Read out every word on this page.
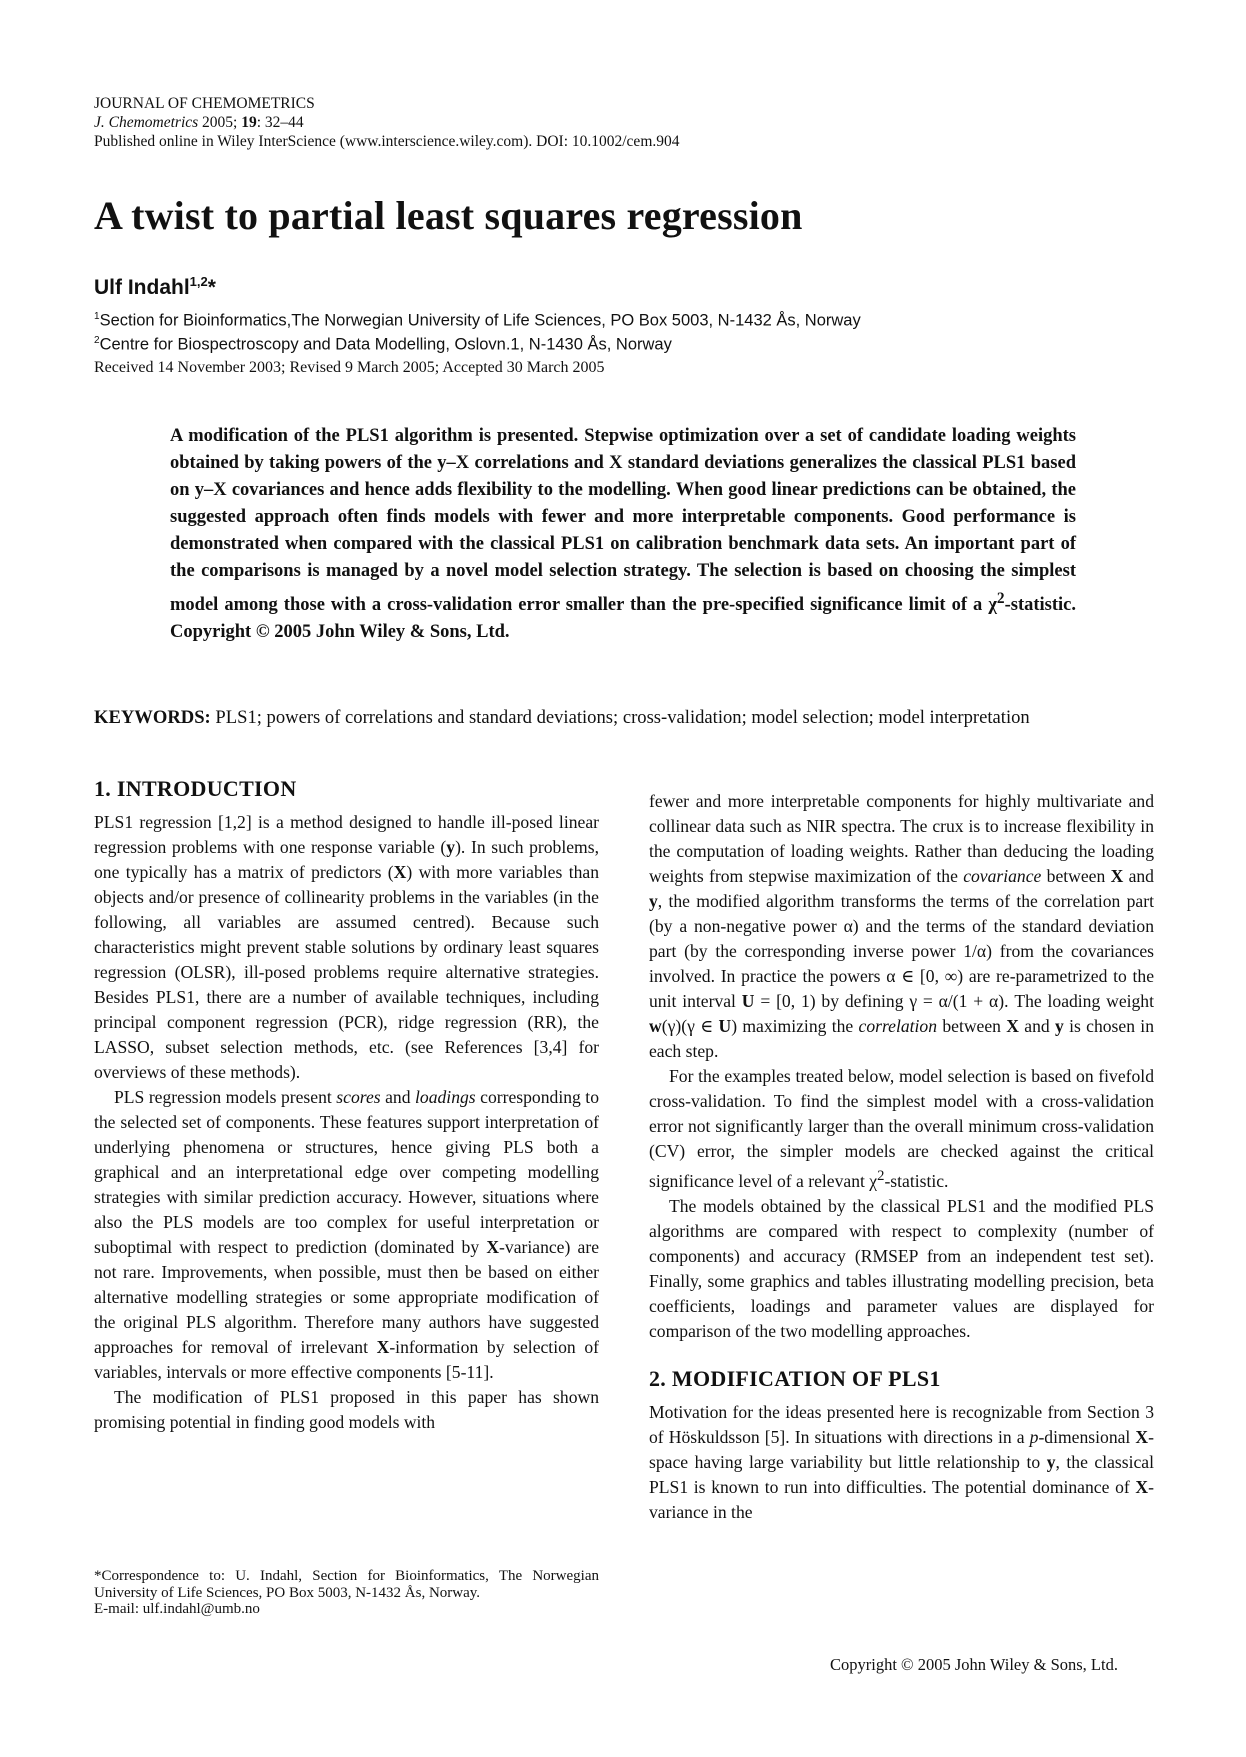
JOURNAL OF CHEMOMETRICS
J. Chemometrics 2005; 19: 32–44
Published online in Wiley InterScience (www.interscience.wiley.com). DOI: 10.1002/cem.904
A twist to partial least squares regression
Ulf Indahl$^{1,2}$*
$^1$Section for Bioinformatics,The Norwegian University of Life Sciences, PO Box 5003, N-1432 Ås, Norway
$^2$Centre for Biospectroscopy and Data Modelling, Oslovn.1, N-1430 Ås, Norway
Received 14 November 2003; Revised 9 March 2005; Accepted 30 March 2005

A modification of the PLS1 algorithm is presented. Stepwise optimization over a set of candidate loading weights obtained by taking powers of the y–X correlations and X standard deviations generalizes the classical PLS1 based on y–X covariances and hence adds flexibility to the modelling. When good linear predictions can be obtained, the suggested approach often finds models with fewer and more interpretable components. Good performance is demonstrated when compared with the classical PLS1 on calibration benchmark data sets. An important part of the comparisons is managed by a novel model selection strategy. The selection is based on choosing the simplest model among those with a cross-validation error smaller than the pre-specified significance limit of a $\chi^2$-statistic. Copyright © 2005 John Wiley & Sons, Ltd.

KEYWORDS: PLS1; powers of correlations and standard deviations; cross-validation; model selection; model interpretation
1. INTRODUCTION

PLS1 regression [1,2] is a method designed to handle ill-posed linear regression problems with one response variable (y). In such problems, one typically has a matrix of predictors (X) with more variables than objects and/or presence of collinearity problems in the variables (in the following, all variables are assumed centred). Because such characteristics might prevent stable solutions by ordinary least squares regression (OLSR), ill-posed problems require alternative strategies. Besides PLS1, there are a number of available techniques, including principal component regression (PCR), ridge regression (RR), the LASSO, subset selection methods, etc. (see References [3,4] for overviews of these methods).

PLS regression models present scores and loadings corresponding to the selected set of components. These features support interpretation of underlying phenomena or structures, hence giving PLS both a graphical and an interpretational edge over competing modelling strategies with similar prediction accuracy. However, situations where also the PLS models are too complex for useful interpretation or suboptimal with respect to prediction (dominated by X-variance) are not rare. Improvements, when possible, must then be based on either alternative modelling strategies or some appropriate modification of the original PLS algorithm. Therefore many authors have suggested approaches for removal of irrelevant X-information by selection of variables, intervals or more effective components [5-11].

The modification of PLS1 proposed in this paper has shown promising potential in finding good models with

*Correspondence to: U. Indahl, Section for Bioinformatics, The Norwegian University of Life Sciences, PO Box 5003, N-1432 Ås, Norway.
E-mail: ulf.indahl@umb.no

fewer and more interpretable components for highly multivariate and collinear data such as NIR spectra. The crux is to increase flexibility in the computation of loading weights. Rather than deducing the loading weights from stepwise maximization of the covariance between X and y, the modified algorithm transforms the terms of the correlation part (by a non-negative power α) and the terms of the standard deviation part (by the corresponding inverse power 1/α) from the covariances involved. In practice the powers α ∈ [0, ∞) are re-parametrized to the unit interval U = [0, 1) by defining γ = α/(1 + α). The loading weight w(γ)(γ ∈ U) maximizing the correlation between X and y is chosen in each step.

For the examples treated below, model selection is based on fivefold cross-validation. To find the simplest model with a cross-validation error not significantly larger than the overall minimum cross-validation (CV) error, the simpler models are checked against the critical significance level of a relevant $\chi^2$-statistic.

The models obtained by the classical PLS1 and the modified PLS algorithms are compared with respect to complexity (number of components) and accuracy (RMSEP from an independent test set). Finally, some graphics and tables illustrating modelling precision, beta coefficients, loadings and parameter values are displayed for comparison of the two modelling approaches.

2. MODIFICATION OF PLS1

Motivation for the ideas presented here is recognizable from Section 3 of Höskuldsson [5]. In situations with directions in a p-dimensional X-space having large variability but little relationship to y, the classical PLS1 is known to run into difficulties. The potential dominance of X-variance in the

Copyright © 2005 John Wiley & Sons, Ltd.
